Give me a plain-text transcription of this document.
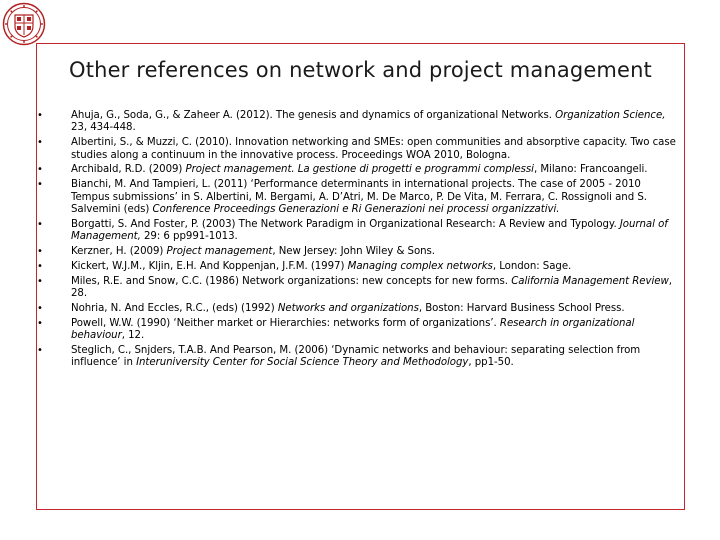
Other references on network and project management
•	Ahuja, G., Soda, G., & Zaheer A. (2012). The genesis and dynamics of organizational Networks. Organization Science, 23, 434-448.
•	Albertini, S., & Muzzi, C. (2010). Innovation networking and SMEs: open communities and absorptive capacity. Two case studies along a continuum in the innovative process. Proceedings WOA 2010, Bologna.
•	Archibald, R.D. (2009) Project management. La gestione di progetti e programmi complessi, Milano: Francoangeli.
•	Bianchi, M. And Tampieri, L. (2011) ‘Performance determinants in international projects. The case of 2005 - 2010 Tempus submissions’ in S. Albertini, M. Bergami, A. D’Atri, M. De Marco, P. De Vita, M. Ferrara, C. Rossignoli and S. Salvemini (eds) Conference Proceedings Generazioni e Ri Generazioni nei processi organizzativi.
•	Borgatti, S. And Foster, P. (2003) The Network Paradigm in Organizational Research: A Review and Typology. Journal of Management, 29: 6 pp991-1013.
•	Kerzner, H. (2009) Project management, New Jersey: John Wiley & Sons.
•	Kickert, W.J.M., Kljin, E.H. And Koppenjan, J.F.M. (1997) Managing complex networks, London: Sage.
•	Miles, R.E. and Snow, C.C. (1986) Network organizations: new concepts for new forms. California Management Review, 28.
•	Nohria, N. And Eccles, R.C., (eds) (1992) Networks and organizations, Boston: Harvard Business School Press.
•	Powell, W.W. (1990) ‘Neither market or Hierarchies: networks form of organizations’. Research in organizational behaviour, 12.
•	Steglich, C., Snjders, T.A.B. And Pearson, M. (2006) ‘Dynamic networks and behaviour: separating selection from influence’ in Interuniversity Center for Social Science Theory and Methodology, pp1-50.
